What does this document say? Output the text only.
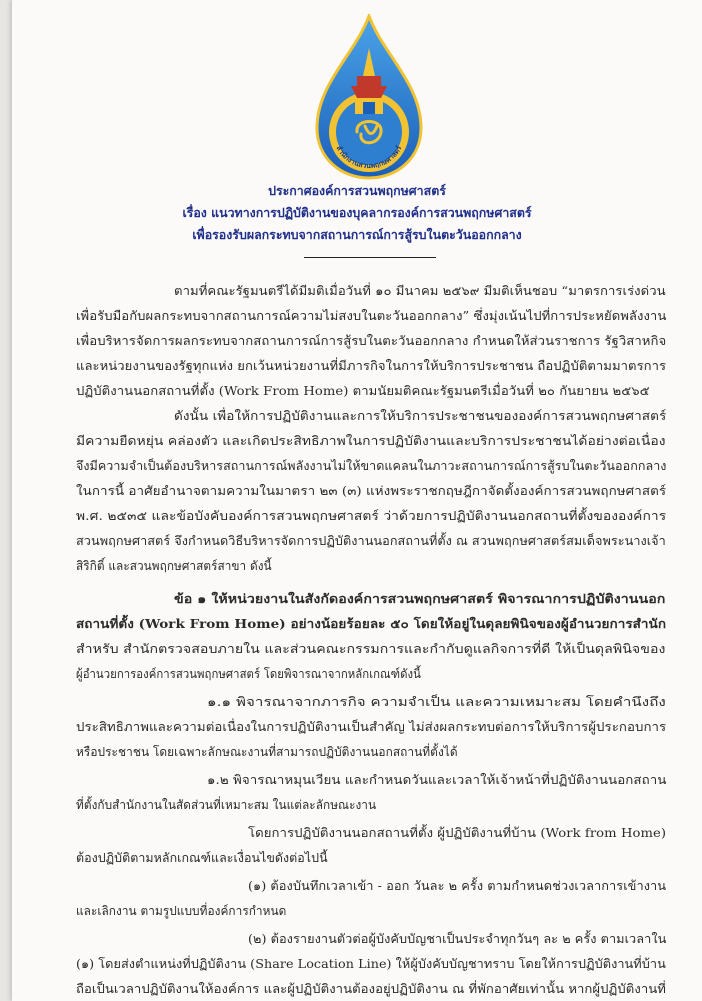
สำนักงานสวนพฤกษศาสตร์
ประกาศองค์การสวนพฤกษศาสตร์
เรื่อง แนวทางการปฏิบัติงานของบุคลากรองค์การสวนพฤกษศาสตร์
เพื่อรองรับผลกระทบจากสถานการณ์การสู้รบในตะวันออกกลาง
ตามที่คณะรัฐมนตรีได้มีมติเมื่อวันที่ ๑๐ มีนาคม ๒๕๖๙ มีมติเห็นชอบ “มาตรการเร่งด่วน
เพื่อรับมือกับผลกระทบจากสถานการณ์ความไม่สงบในตะวันออกกลาง” ซึ่งมุ่งเน้นไปที่การประหยัดพลังงาน
เพื่อบริหารจัดการผลกระทบจากสถานการณ์การสู้รบในตะวันออกกลาง กำหนดให้ส่วนราชการ รัฐวิสาหกิจ
และหน่วยงานของรัฐทุกแห่ง ยกเว้นหน่วยงานที่มีภารกิจในการให้บริการประชาชน ถือปฏิบัติตามมาตรการ
ปฏิบัติงานนอกสถานที่ตั้ง (Work From Home) ตามนัยมติคณะรัฐมนตรีเมื่อวันที่ ๒๐ กันยายน ๒๕๖๕
ดังนั้น เพื่อให้การปฏิบัติงานและการให้บริการประชาชนขององค์การสวนพฤกษศาสตร์
มีความยืดหยุ่น คล่องตัว และเกิดประสิทธิภาพในการปฏิบัติงานและบริการประชาชนได้อย่างต่อเนื่อง
จึงมีความจำเป็นต้องบริหารสถานการณ์พลังงานไม่ให้ขาดแคลนในภาวะสถานการณ์การสู้รบในตะวันออกกลาง
ในการนี้ อาศัยอำนาจตามความในมาตรา ๒๓ (๓) แห่งพระราชกฤษฎีกาจัดตั้งองค์การสวนพฤกษศาสตร์
พ.ศ. ๒๕๓๕ และข้อบังคับองค์การสวนพฤกษศาสตร์ ว่าด้วยการปฏิบัติงานนอกสถานที่ตั้งขององค์การ
สวนพฤกษศาสตร์ จึงกำหนดวิธีบริหารจัดการปฏิบัติงานนอกสถานที่ตั้ง ณ สวนพฤกษศาสตร์สมเด็จพระนางเจ้า
สิริกิติ์ และสวนพฤกษศาสตร์สาขา ดังนี้
ข้อ ๑ ให้หน่วยงานในสังกัดองค์การสวนพฤกษศาสตร์ พิจารณาการปฏิบัติงานนอก
สถานที่ตั้ง (Work From Home) อย่างน้อยร้อยละ ๕๐ โดยให้อยู่ในดุลยพินิจของผู้อำนวยการสำนัก
สำหรับ สำนักตรวจสอบภายใน และส่วนคณะกรรมการและกำกับดูแลกิจการที่ดี ให้เป็นดุลพินิจของ
ผู้อำนวยการองค์การสวนพฤกษศาสตร์ โดยพิจารณาจากหลักเกณฑ์ดังนี้
๑.๑ พิจารณาจากภารกิจ ความจำเป็น และความเหมาะสม โดยคำนึงถึง
ประสิทธิภาพและความต่อเนื่องในการปฏิบัติงานเป็นสำคัญ ไม่ส่งผลกระทบต่อการให้บริการผู้ประกอบการ
หรือประชาชน โดยเฉพาะลักษณะงานที่สามารถปฏิบัติงานนอกสถานที่ตั้งได้
๑.๒ พิจารณาหมุนเวียน และกำหนดวันและเวลาให้เจ้าหน้าที่ปฏิบัติงานนอกสถาน
ที่ตั้งกับสำนักงานในสัดส่วนที่เหมาะสม ในแต่ละลักษณะงาน
โดยการปฏิบัติงานนอกสถานที่ตั้ง ผู้ปฏิบัติงานที่บ้าน (Work from Home)
ต้องปฏิบัติตามหลักเกณฑ์และเงื่อนไขดังต่อไปนี้
(๑) ต้องบันทึกเวลาเข้า - ออก วันละ ๒ ครั้ง ตามกำหนดช่วงเวลาการเข้างาน
และเลิกงาน ตามรูปแบบที่องค์การกำหนด
(๒) ต้องรายงานตัวต่อผู้บังคับบัญชาเป็นประจำทุกวันๆ ละ ๒ ครั้ง ตามเวลาใน
(๑) โดยส่งตำแหน่งที่ปฏิบัติงาน (Share Location Line) ให้ผู้บังคับบัญชาทราบ โดยให้การปฏิบัติงานที่บ้าน
ถือเป็นเวลาปฏิบัติงานให้องค์การ และผู้ปฏิบัติงานต้องอยู่ปฏิบัติงาน ณ ที่พักอาศัยเท่านั้น หากผู้ปฏิบัติงานที่
